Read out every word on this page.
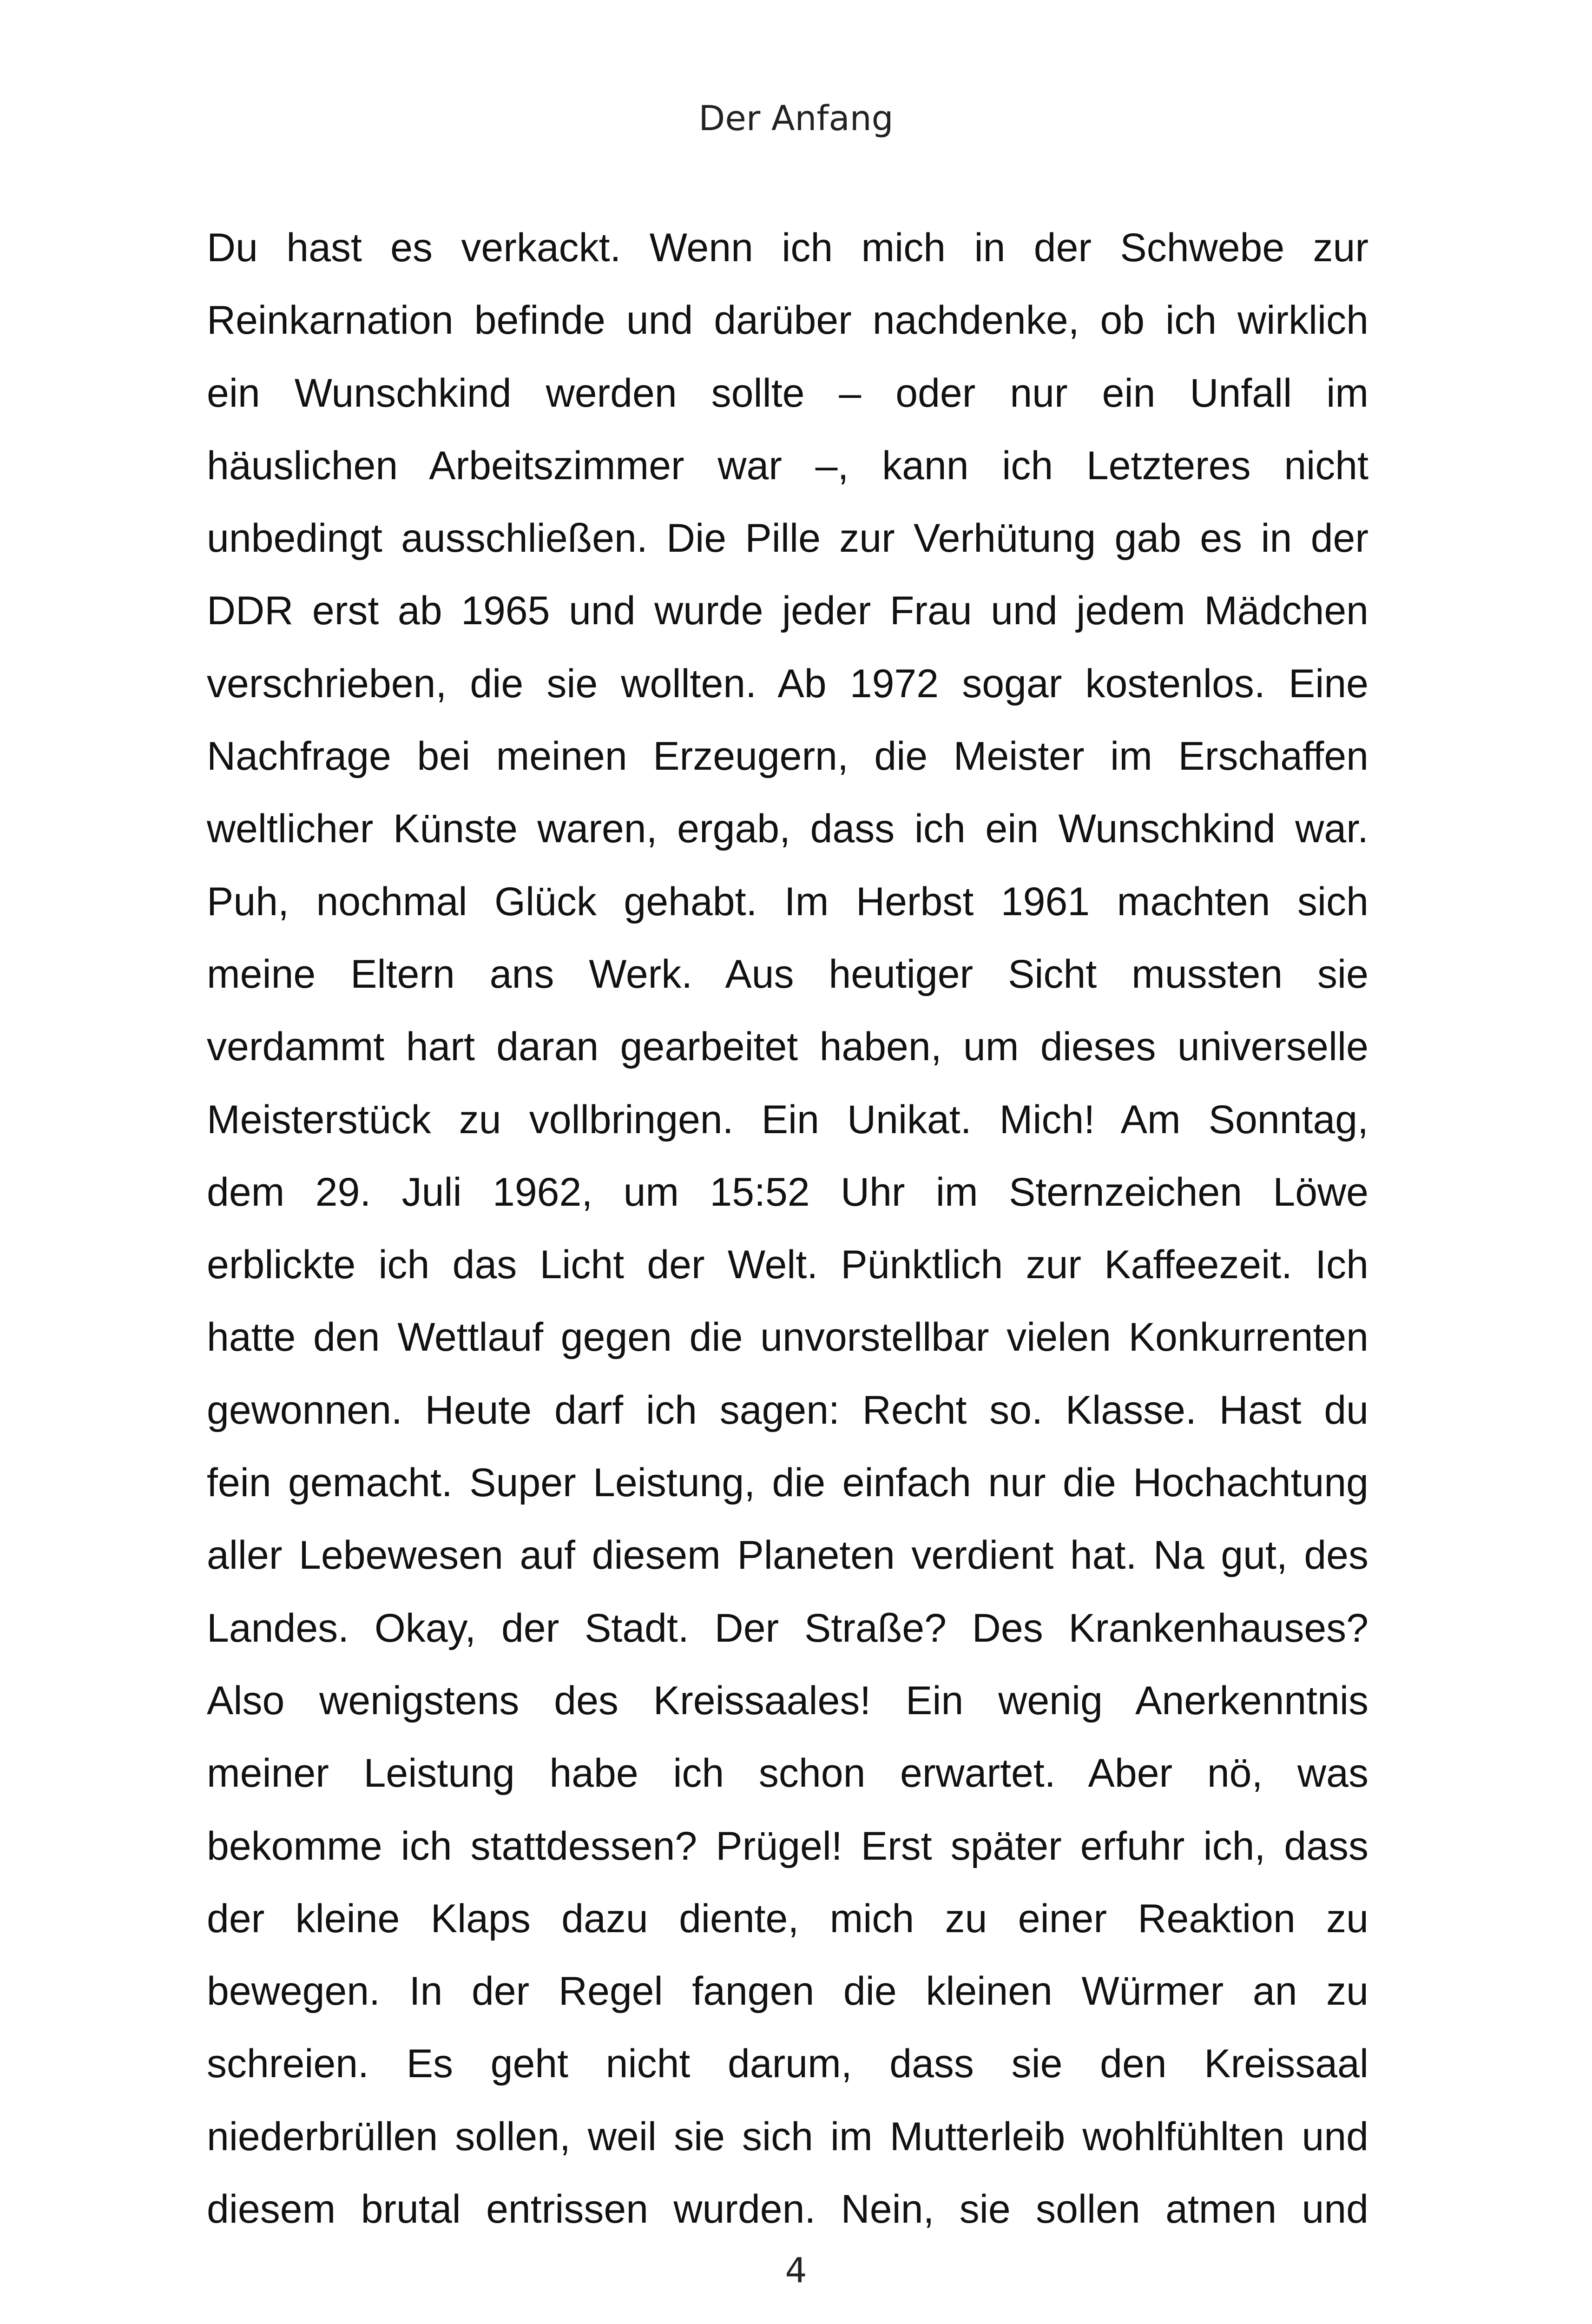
Der Anfang
Du hast es verkackt. Wenn ich mich in der Schwebe zur
Reinkarnation befinde und darüber nachdenke, ob ich wirklich
ein Wunschkind werden sollte – oder nur ein Unfall im
häuslichen Arbeitszimmer war –, kann ich Letzteres nicht
unbedingt ausschließen. Die Pille zur Verhütung gab es in der
DDR erst ab 1965 und wurde jeder Frau und jedem Mädchen
verschrieben, die sie wollten. Ab 1972 sogar kostenlos. Eine
Nachfrage bei meinen Erzeugern, die Meister im Erschaffen
weltlicher Künste waren, ergab, dass ich ein Wunschkind war.
Puh, nochmal Glück gehabt. Im Herbst 1961 machten sich
meine Eltern ans Werk. Aus heutiger Sicht mussten sie
verdammt hart daran gearbeitet haben, um dieses universelle
Meisterstück zu vollbringen. Ein Unikat. Mich! Am Sonntag,
dem 29. Juli 1962, um 15:52 Uhr im Sternzeichen Löwe
erblickte ich das Licht der Welt. Pünktlich zur Kaffeezeit. Ich
hatte den Wettlauf gegen die unvorstellbar vielen Konkurrenten
gewonnen. Heute darf ich sagen: Recht so. Klasse. Hast du
fein gemacht. Super Leistung, die einfach nur die Hochachtung
aller Lebewesen auf diesem Planeten verdient hat. Na gut, des
Landes. Okay, der Stadt. Der Straße? Des Krankenhauses?
Also wenigstens des Kreissaales! Ein wenig Anerkenntnis
meiner Leistung habe ich schon erwartet. Aber nö, was
bekomme ich stattdessen? Prügel! Erst später erfuhr ich, dass
der kleine Klaps dazu diente, mich zu einer Reaktion zu
bewegen. In der Regel fangen die kleinen Würmer an zu
schreien. Es geht nicht darum, dass sie den Kreissaal
niederbrüllen sollen, weil sie sich im Mutterleib wohlfühlten und
diesem brutal entrissen wurden. Nein, sie sollen atmen und
4
